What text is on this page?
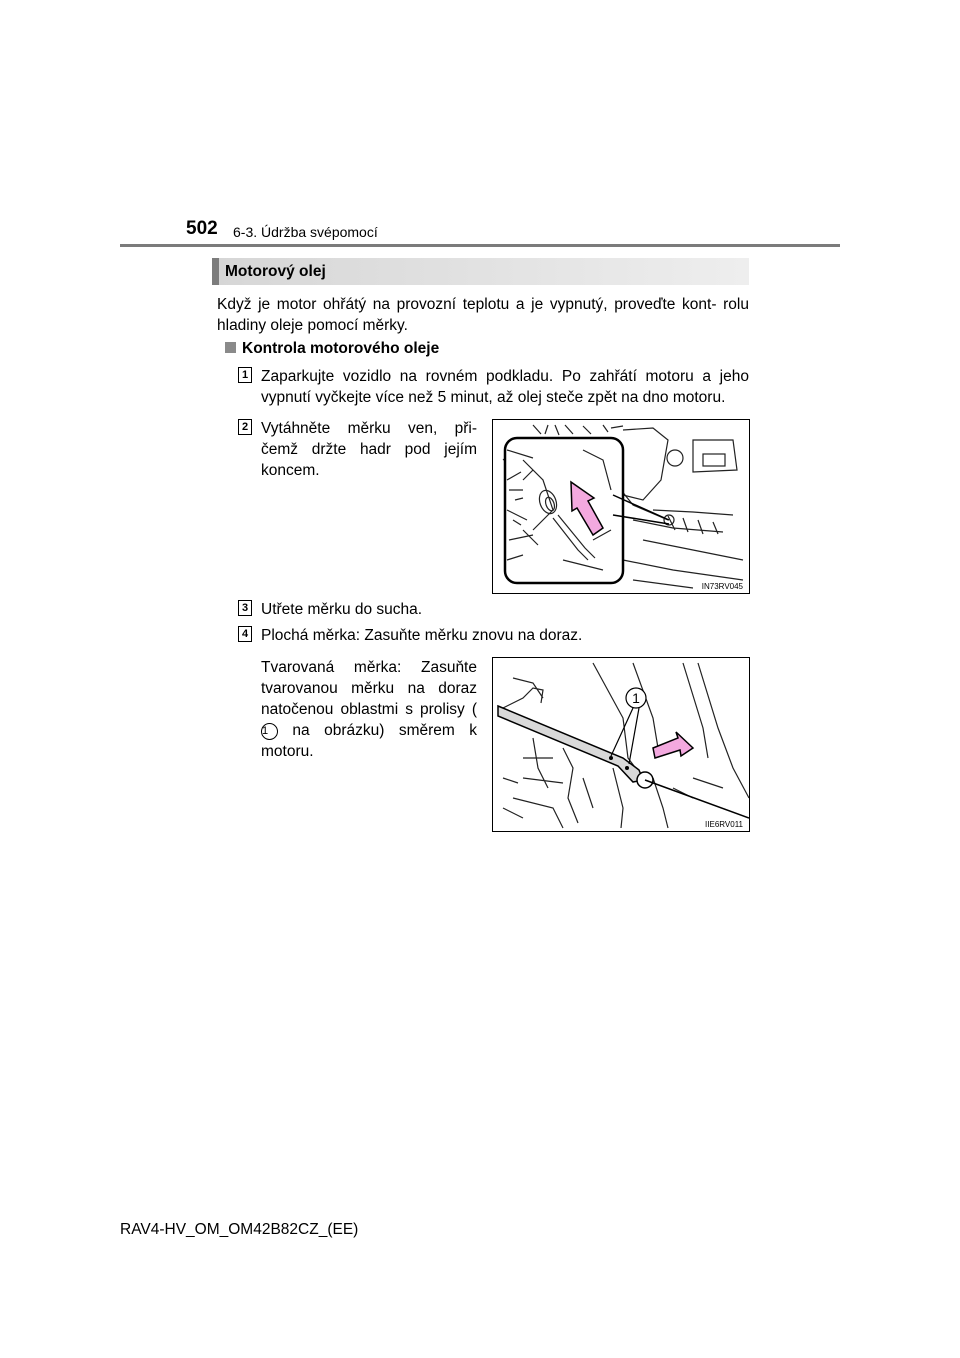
502 6-3. Údržba svépomocí
Motorový olej
Když je motor ohřátý na provozní teplotu a je vypnutý, proveďte kont- rolu hladiny oleje pomocí měrky.
Kontrola motorového oleje
1 Zaparkujte vozidlo na rovném podkladu. Po zahřátí motoru a jeho vypnutí vyčkejte více než 5 minut, až olej steče zpět na dno motoru.
2 Vytáhněte měrku ven, při- čemž držte hadr pod jejím koncem.
IN73RV045
3 Utřete měrku do sucha.
4 Plochá měrka: Zasuňte měrku znovu na doraz.
Tvarovaná měrka: Zasuňte tvarovanou měrku na doraz natočenou oblastmi s prolisy (1 na obrázku) směrem k motoru.
1
IIE6RV011
RAV4-HV_OM_OM42B82CZ_(EE)
